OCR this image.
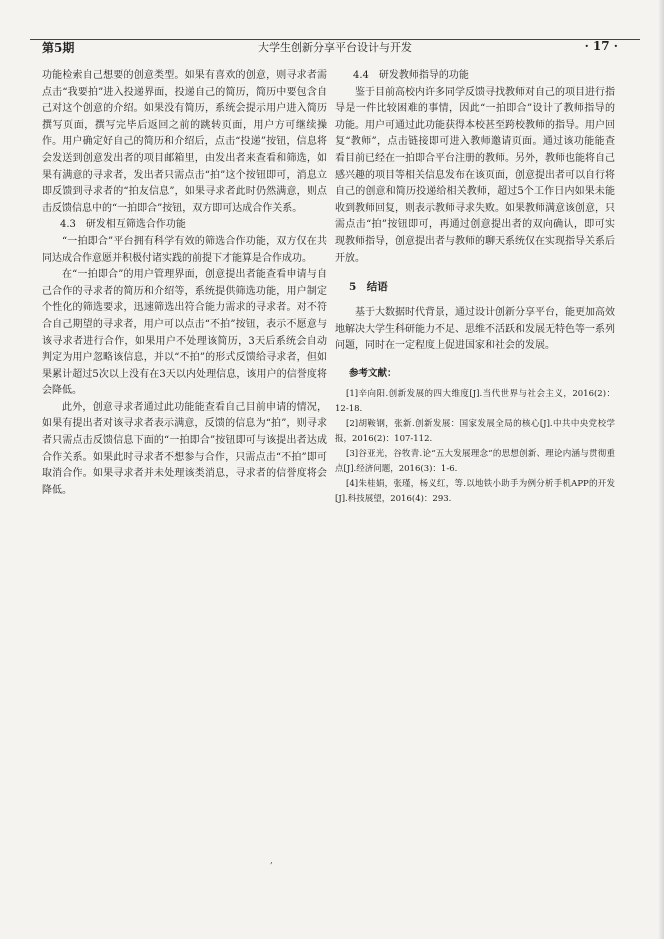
第5期	大学生创新分享平台设计与开发	· 17 ·

功能检索自己想要的创意类型。如果有喜欢的创意，则寻求者需点击“我要拍”进入投递界面，投递自己的简历，简历中要包含自己对这个创意的介绍。如果没有简历，系统会提示用户进入简历撰写页面，撰写完毕后返回之前的跳转页面，用户方可继续操作。用户确定好自己的简历和介绍后，点击“投递”按钮，信息将会发送到创意发出者的项目邮箱里，由发出者来查看和筛选，如果有满意的寻求者，发出者只需点击“拍”这个按钮即可，消息立即反馈到寻求者的“拍友信息”，如果寻求者此时仍然满意，则点击反馈信息中的“一拍即合”按钮，双方即可达成合作关系。

4.3　研发相互筛选合作功能

“一拍即合”平台拥有科学有效的筛选合作功能，双方仅在共同达成合作意愿并积极付诸实践的前提下才能算是合作成功。

在“一拍即合”的用户管理界面，创意提出者能查看申请与自己合作的寻求者的简历和介绍等，系统提供筛选功能，用户制定个性化的筛选要求，迅速筛选出符合能力需求的寻求者。对不符合自己期望的寻求者，用户可以点击“不拍”按钮，表示不愿意与该寻求者进行合作，如果用户不处理该简历，3天后系统会自动判定为用户忽略该信息，并以“不拍”的形式反馈给寻求者，但如果累计超过5次以上没有在3天以内处理信息，该用户的信誉度将会降低。

此外，创意寻求者通过此功能能查看自己目前申请的情况，如果有提出者对该寻求者表示满意，反馈的信息为“拍”，则寻求者只需点击反馈信息下面的“一拍即合”按钮即可与该提出者达成合作关系。如果此时寻求者不想参与合作，只需点击“不拍”即可取消合作。如果寻求者并未处理该类消息，寻求者的信誉度将会降低。

4.4　研发教师指导的功能

鉴于目前高校内许多同学反馈寻找教师对自己的项目进行指导是一件比较困难的事情，因此“一拍即合”设计了教师指导的功能。用户可通过此功能获得本校甚至跨校教师的指导。用户回复“教师”，点击链接即可进入教师邀请页面。通过该功能能查看目前已经在一拍即合平台注册的教师。另外，教师也能将自己感兴趣的项目等相关信息发布在该页面，创意提出者可以自行将自己的创意和简历投递给相关教师，超过5个工作日内如果未能收到教师回复，则表示教师寻求失败。如果教师满意该创意，只需点击“拍”按钮即可，再通过创意提出者的双向确认，即可实现教师指导，创意提出者与教师的聊天系统仅在实现指导关系后开放。

5　结语

基于大数据时代背景，通过设计创新分享平台，能更加高效地解决大学生科研能力不足、思维不活跃和发展无特色等一系列问题，同时在一定程度上促进国家和社会的发展。

参考文献：

[1]辛向阳.创新发展的四大维度[J].当代世界与社会主义，2016(2)：12-18.

[2]胡鞍钢，张新.创新发展：国家发展全局的核心[J].中共中央党校学报，2016(2)：107-112.

[3]谷亚光，谷牧青.论“五大发展理念”的思想创新、理论内涵与贯彻重点[J].经济问题，2016(3)：1-6.

[4]朱桂娟，张瑾，杨义红，等.以地铁小助手为例分析手机APP的开发[J].科技展望，2016(4)：293.

,
